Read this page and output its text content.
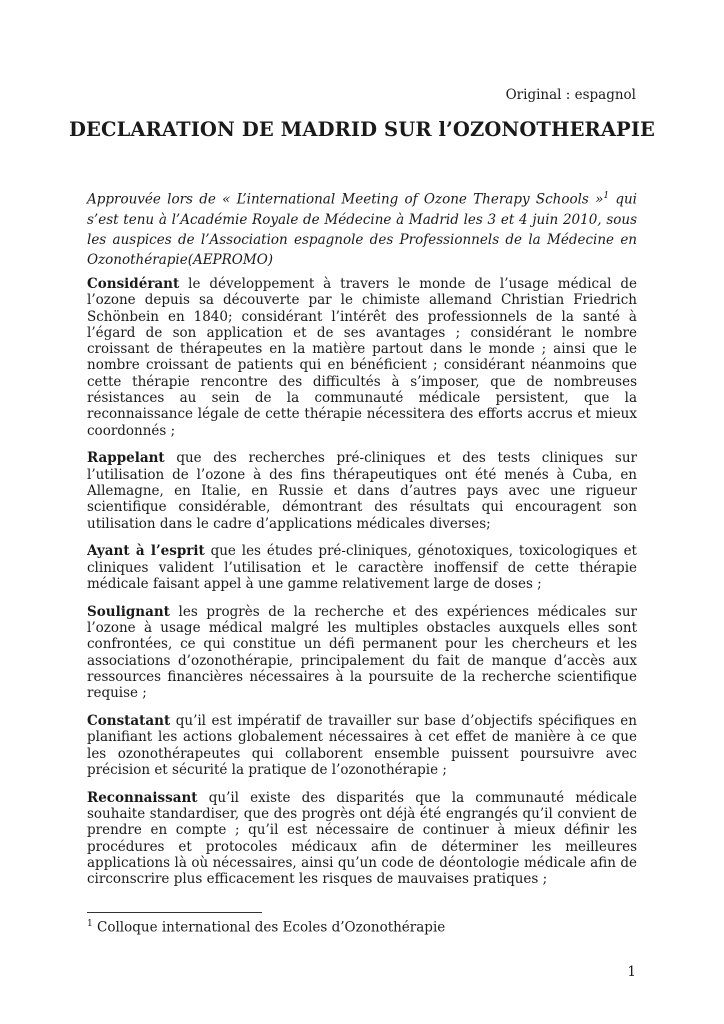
Original : espagnol
DECLARATION DE MADRID SUR l’OZONOTHERAPIE

Approuvée lors de « L’international Meeting of Ozone Therapy Schools »$^1$ qui s’est tenu à l’Académie Royale de Médecine à Madrid les 3 et 4 juin 2010, sous les auspices de l’Association espagnole des Professionnels de la Médecine en Ozonothérapie(AEPROMO)

Considérant le développement à travers le monde de l’usage médical de l’ozone depuis sa découverte par le chimiste allemand Christian Friedrich Schönbein en 1840; considérant l’intérêt des professionnels de la santé à l’égard de son application et de ses avantages ; considérant le nombre croissant de thérapeutes en la matière partout dans le monde ; ainsi que le nombre croissant de patients qui en bénéficient ; considérant néanmoins que cette thérapie rencontre des difficultés à s’imposer, que de nombreuses résistances au sein de la communauté médicale persistent, que la reconnaissance légale de cette thérapie nécessitera des efforts accrus et mieux coordonnés ;

Rappelant que des recherches pré-cliniques et des tests cliniques sur l’utilisation de l’ozone à des fins thérapeutiques ont été menés à Cuba, en Allemagne, en Italie, en Russie et dans d’autres pays avec une rigueur scientifique considérable, démontrant des résultats qui encouragent son utilisation dans le cadre d’applications médicales diverses;

Ayant à l’esprit que les études pré-cliniques, génotoxiques, toxicologiques et cliniques valident l’utilisation et le caractère inoffensif de cette thérapie médicale faisant appel à une gamme relativement large de doses ;

Soulignant les progrès de la recherche et des expériences médicales sur l’ozone à usage médical malgré les multiples obstacles auxquels elles sont confrontées, ce qui constitue un défi permanent pour les chercheurs et les associations d’ozonothérapie, principalement du fait de manque d’accès aux ressources financières nécessaires à la poursuite de la recherche scientifique requise ;

Constatant qu’il est impératif de travailler sur base d’objectifs spécifiques en planifiant les actions globalement nécessaires à cet effet de manière à ce que les ozonothérapeutes qui collaborent ensemble puissent poursuivre avec précision et sécurité la pratique de l’ozonothérapie ;

Reconnaissant qu’il existe des disparités que la communauté médicale souhaite standardiser, que des progrès ont déjà été engrangés qu’il convient de prendre en compte ; qu’il est nécessaire de continuer à mieux définir les procédures et protocoles médicaux afin de déterminer les meilleures applications là où nécessaires, ainsi qu’un code de déontologie médicale afin de circonscrire plus efficacement les risques de mauvaises pratiques ;

$^1$ Colloque international des Ecoles d’Ozonothérapie
1
